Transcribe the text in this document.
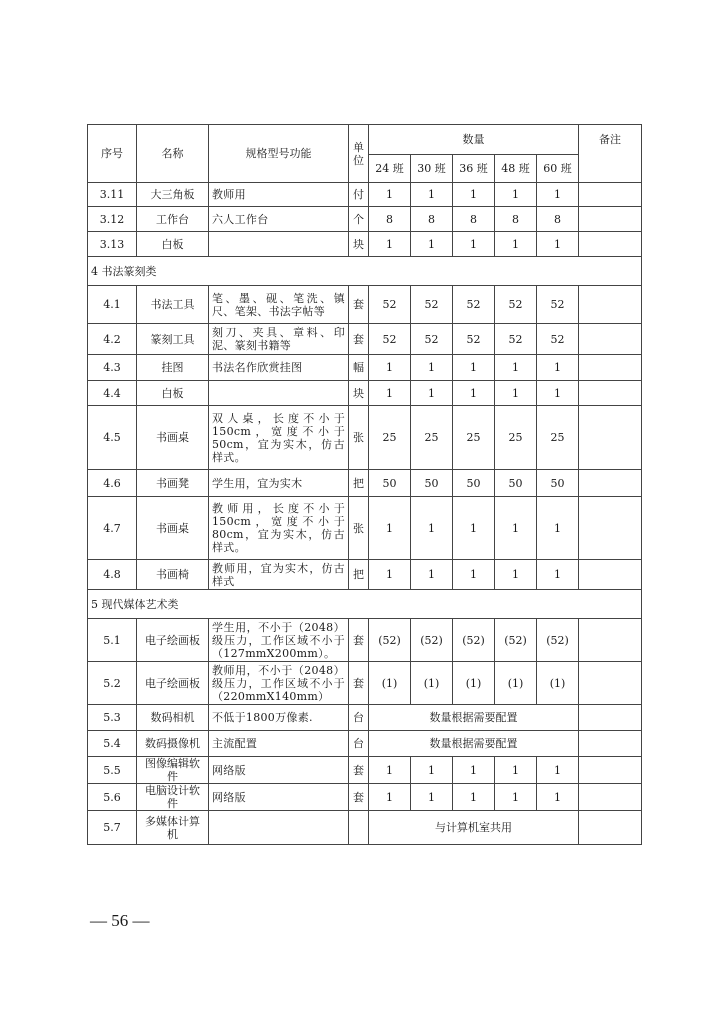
序号	名称	规格型号功能	单位	数量					备注
				24 班	30 班	36 班	48 班	60 班	
3.11	大三角板	教师用	付	1	1	1	1	1	
3.12	工作台	六人工作台	个	8	8	8	8	8	
3.13	白板		块	1	1	1	1	1	
4 书法篆刻类									
4.1	书法工具	笔、墨、砚、笔洗、镇尺、笔架、书法字帖等	套	52	52	52	52	52	
4.2	篆刻工具	刻刀、夹具、章料、印泥、篆刻书籍等	套	52	52	52	52	52	
4.3	挂图	书法名作欣赏挂图	幅	1	1	1	1	1	
4.4	白板		块	1	1	1	1	1	
4.5	书画桌	双人桌，长度不小于150cm，宽度不小于50cm，宜为实木，仿古样式。	张	25	25	25	25	25	
4.6	书画凳	学生用，宜为实木	把	50	50	50	50	50	
4.7	书画桌	教师用，长度不小于150cm，宽度不小于80cm，宜为实木，仿古样式。	张	1	1	1	1	1	
4.8	书画椅	教师用，宜为实木，仿古样式	把	1	1	1	1	1	
5 现代媒体艺术类									
5.1	电子绘画板	学生用，不小于（2048）级压力，工作区域不小于（127mmX200mm）。	套	(52)	(52)	(52)	(52)	(52)	
5.2	电子绘画板	教师用，不小于（2048）级压力，工作区域不小于（220mmX140mm）	套	(1)	(1)	(1)	(1)	(1)	
5.3	数码相机	不低于1800万像素.	台	数量根据需要配置					
5.4	数码摄像机	主流配置	台	数量根据需要配置					
5.5	图像编辑软件	网络版	套	1	1	1	1	1	
5.6	电脑设计软件	网络版	套	1	1	1	1	1	
5.7	多媒体计算机			与计算机室共用					
— 56 —
